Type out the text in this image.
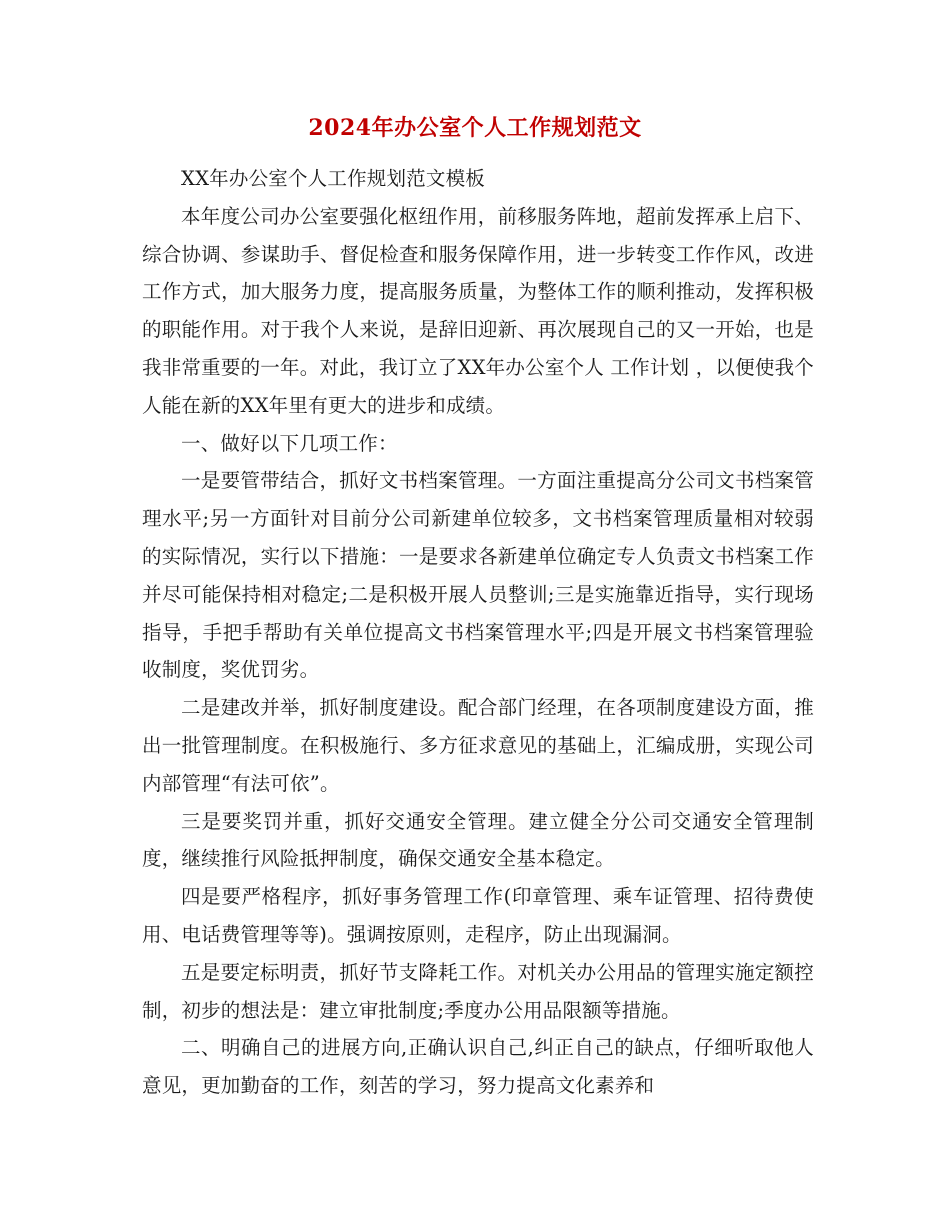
2024年办公室个人工作规划范文

XX年办公室个人工作规划范文模板

本年度公司办公室要强化枢纽作用，前移服务阵地，超前发挥承上启下、综合协调、参谋助手、督促检查和服务保障作用，进一步转变工作作风，改进工作方式，加大服务力度，提高服务质量，为整体工作的顺利推动，发挥积极的职能作用。对于我个人来说，是辞旧迎新、再次展现自己的又一开始，也是我非常重要的一年。对此，我订立了XX年办公室个人 工作计划 ，以便使我个人能在新的XX年里有更大的进步和成绩。

一、做好以下几项工作：

一是要管带结合，抓好文书档案管理。一方面注重提高分公司文书档案管理水平;另一方面针对目前分公司新建单位较多，文书档案管理质量相对较弱的实际情况，实行以下措施：一是要求各新建单位确定专人负责文书档案工作并尽可能保持相对稳定;二是积极开展人员整训;三是实施靠近指导，实行现场指导，手把手帮助有关单位提高文书档案管理水平;四是开展文书档案管理验收制度，奖优罚劣。

二是建改并举，抓好制度建设。配合部门经理，在各项制度建设方面，推出一批管理制度。在积极施行、多方征求意见的基础上，汇编成册，实现公司内部管理“有法可依”。

三是要奖罚并重，抓好交通安全管理。建立健全分公司交通安全管理制度，继续推行风险抵押制度，确保交通安全基本稳定。

四是要严格程序，抓好事务管理工作(印章管理、乘车证管理、招待费使用、电话费管理等等)。强调按原则，走程序，防止出现漏洞。

五是要定标明责，抓好节支降耗工作。对机关办公用品的管理实施定额控制，初步的想法是：建立审批制度;季度办公用品限额等措施。

二、明确自己的进展方向,正确认识自己,纠正自己的缺点，仔细听取他人意见，更加勤奋的工作，刻苦的学习，努力提高文化素养和
